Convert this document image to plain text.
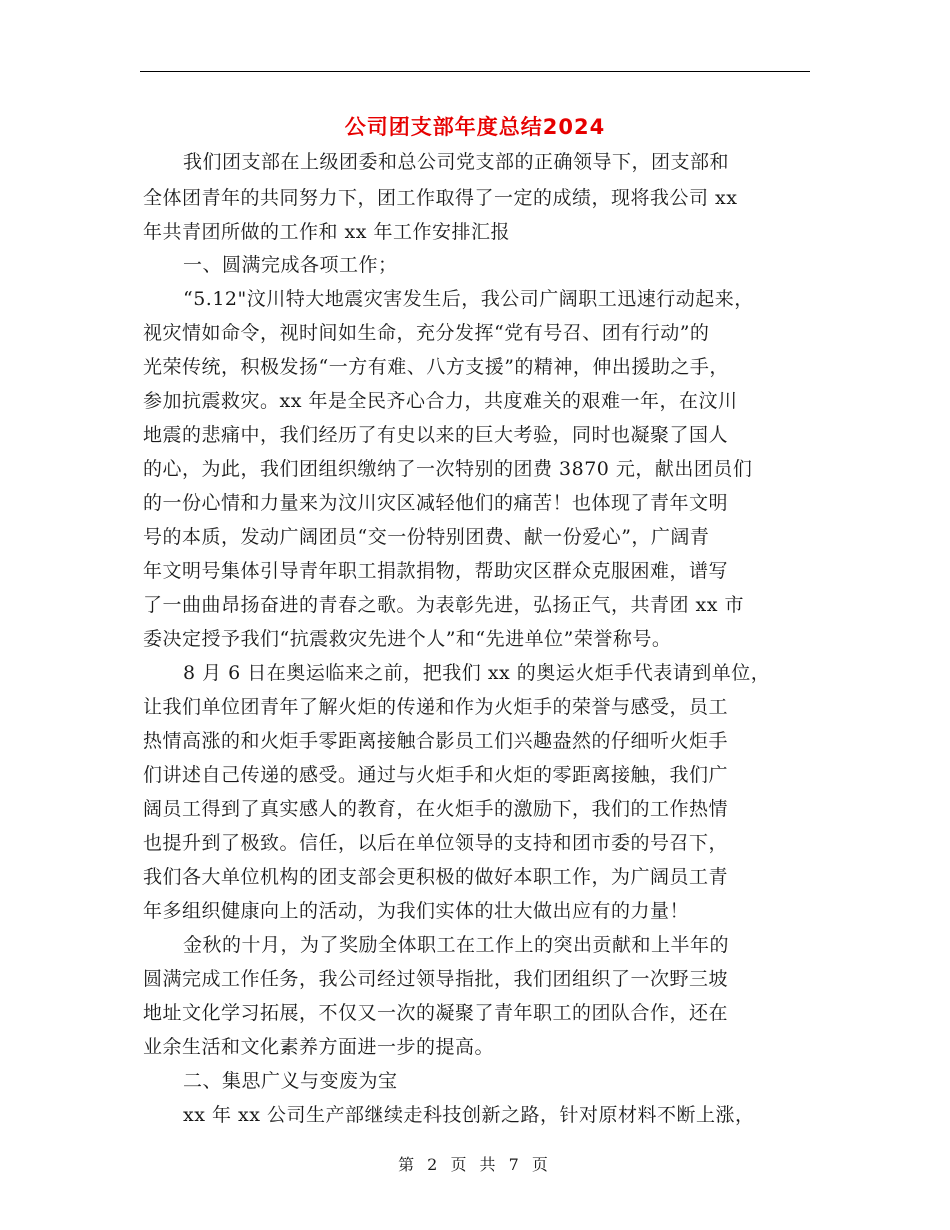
公司团支部年度总结2024
我们团支部在上级团委和总公司党支部的正确领导下，团支部和
全体团青年的共同努力下，团工作取得了一定的成绩，现将我公司 xx
年共青团所做的工作和 xx 年工作安排汇报
一、圆满完成各项工作；
“5.12"汶川特大地震灾害发生后，我公司广阔职工迅速行动起来，
视灾情如命令，视时间如生命，充分发挥“党有号召、团有行动”的
光荣传统，积极发扬“一方有难、八方支援”的精神，伸出援助之手，
参加抗震救灾。xx 年是全民齐心合力，共度难关的艰难一年，在汶川
地震的悲痛中，我们经历了有史以来的巨大考验，同时也凝聚了国人
的心，为此，我们团组织缴纳了一次特别的团费 3870 元，献出团员们
的一份心情和力量来为汶川灾区减轻他们的痛苦！也体现了青年文明
号的本质，发动广阔团员“交一份特别团费、献一份爱心”，广阔青
年文明号集体引导青年职工捐款捐物，帮助灾区群众克服困难，谱写
了一曲曲昂扬奋进的青春之歌。为表彰先进，弘扬正气，共青团 xx 市
委决定授予我们“抗震救灾先进个人”和“先进单位”荣誉称号。
8 月 6 日在奥运临来之前，把我们 xx 的奥运火炬手代表请到单位，
让我们单位团青年了解火炬的传递和作为火炬手的荣誉与感受，员工
热情高涨的和火炬手零距离接触合影员工们兴趣盎然的仔细听火炬手
们讲述自己传递的感受。通过与火炬手和火炬的零距离接触，我们广
阔员工得到了真实感人的教育，在火炬手的激励下，我们的工作热情
也提升到了极致。信任，以后在单位领导的支持和团市委的号召下，
我们各大单位机构的团支部会更积极的做好本职工作，为广阔员工青
年多组织健康向上的活动，为我们实体的壮大做出应有的力量！
金秋的十月，为了奖励全体职工在工作上的突出贡献和上半年的
圆满完成工作任务，我公司经过领导指批，我们团组织了一次野三坡
地址文化学习拓展，不仅又一次的凝聚了青年职工的团队合作，还在
业余生活和文化素养方面进一步的提高。
二、集思广义与变废为宝
xx 年 xx 公司生产部继续走科技创新之路，针对原材料不断上涨，
第 2 页 共 7 页
